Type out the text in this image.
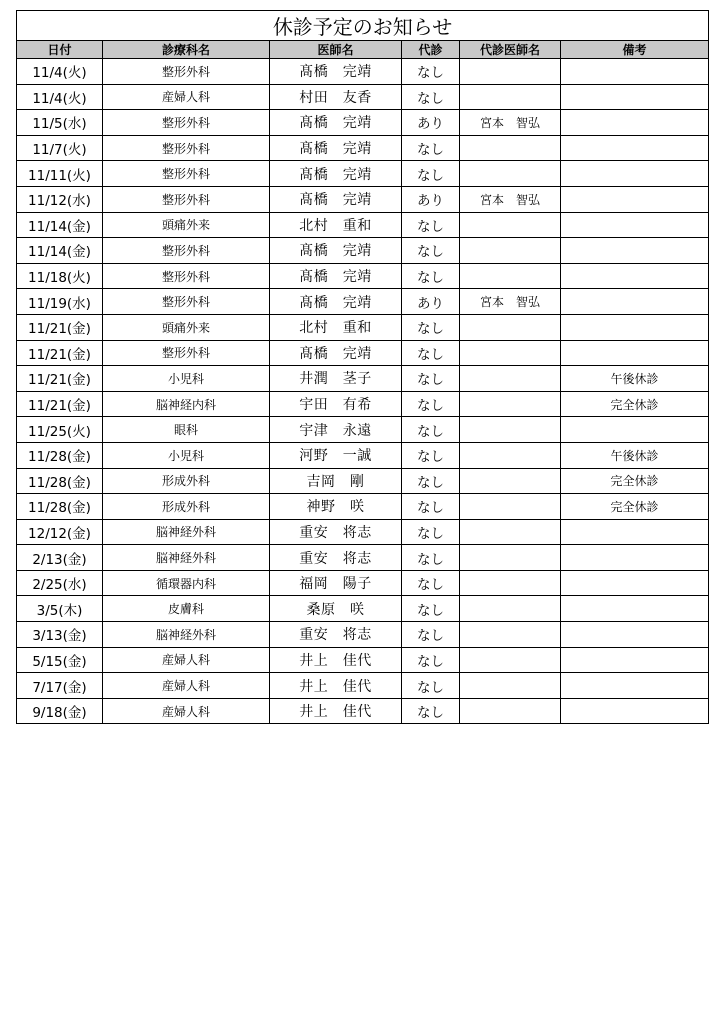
休診予定のお知らせ					
日付	診療科名	医師名	代診	代診医師名	備考
11/4(火)	整形外科	髙橋　完靖	なし		
11/4(火)	産婦人科	村田　友香	なし		
11/5(水)	整形外科	髙橋　完靖	あり	宮本　智弘	
11/7(火)	整形外科	髙橋　完靖	なし		
11/11(火)	整形外科	髙橋　完靖	なし		
11/12(水)	整形外科	髙橋　完靖	あり	宮本　智弘	
11/14(金)	頭痛外来	北村　重和	なし		
11/14(金)	整形外科	髙橋　完靖	なし		
11/18(火)	整形外科	髙橋　完靖	なし		
11/19(水)	整形外科	髙橋　完靖	あり	宮本　智弘	
11/21(金)	頭痛外来	北村　重和	なし		
11/21(金)	整形外科	髙橋　完靖	なし		
11/21(金)	小児科	井潤　茎子	なし		午後休診
11/21(金)	脳神経内科	宇田　有希	なし		完全休診
11/25(火)	眼科	宇津　永遠	なし		
11/28(金)	小児科	河野　一誠	なし		午後休診
11/28(金)	形成外科	吉岡　剛	なし		完全休診
11/28(金)	形成外科	神野　咲	なし		完全休診
12/12(金)	脳神経外科	重安　将志	なし		
2/13(金)	脳神経外科	重安　将志	なし		
2/25(水)	循環器内科	福岡　陽子	なし		
3/5(木)	皮膚科	桑原　咲	なし		
3/13(金)	脳神経外科	重安　将志	なし		
5/15(金)	産婦人科	井上　佳代	なし		
7/17(金)	産婦人科	井上　佳代	なし		
9/18(金)	産婦人科	井上　佳代	なし		
